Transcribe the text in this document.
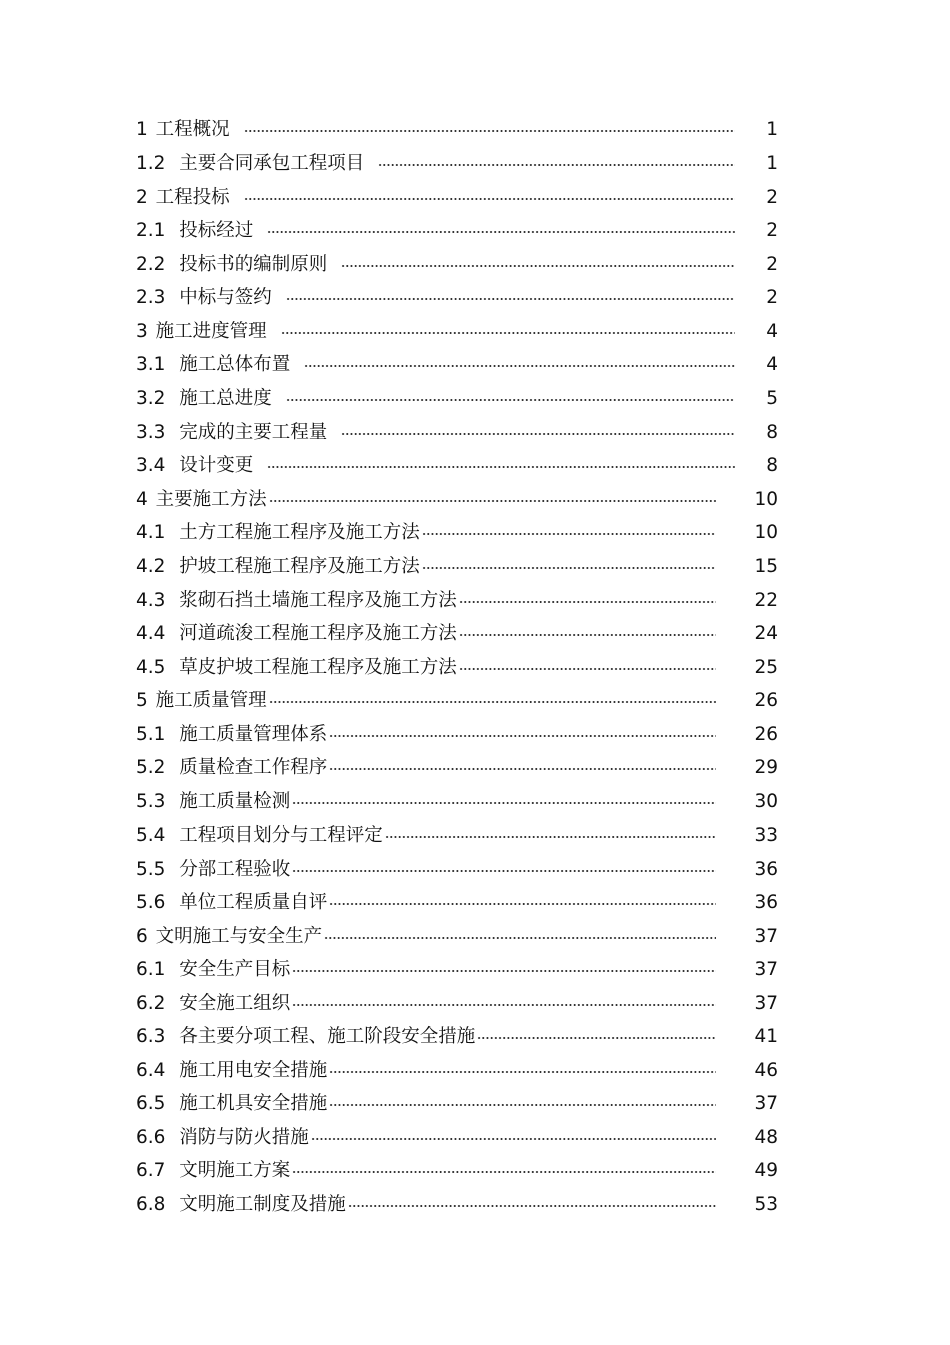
1 工程概况	1
1.2 主要合同承包工程项目	1
2 工程投标	2
2.1 投标经过	2
2.2 投标书的编制原则	2
2.3 中标与签约	2
3 施工进度管理	4
3.1 施工总体布置	4
3.2 施工总进度	5
3.3 完成的主要工程量	8
3.4 设计变更	8
4 主要施工方法	10
4.1 土方工程施工程序及施工方法	10
4.2 护坡工程施工程序及施工方法	15
4.3 浆砌石挡土墙施工程序及施工方法	22
4.4 河道疏浚工程施工程序及施工方法	24
4.5 草皮护坡工程施工程序及施工方法	25
5 施工质量管理	26
5.1 施工质量管理体系	26
5.2 质量检查工作程序	29
5.3 施工质量检测	30
5.4 工程项目划分与工程评定	33
5.5 分部工程验收	36
5.6 单位工程质量自评	36
6 文明施工与安全生产	37
6.1 安全生产目标	37
6.2 安全施工组织	37
6.3 各主要分项工程、施工阶段安全措施	41
6.4 施工用电安全措施	46
6.5 施工机具安全措施	37
6.6 消防与防火措施	48
6.7 文明施工方案	49
6.8 文明施工制度及措施	53
